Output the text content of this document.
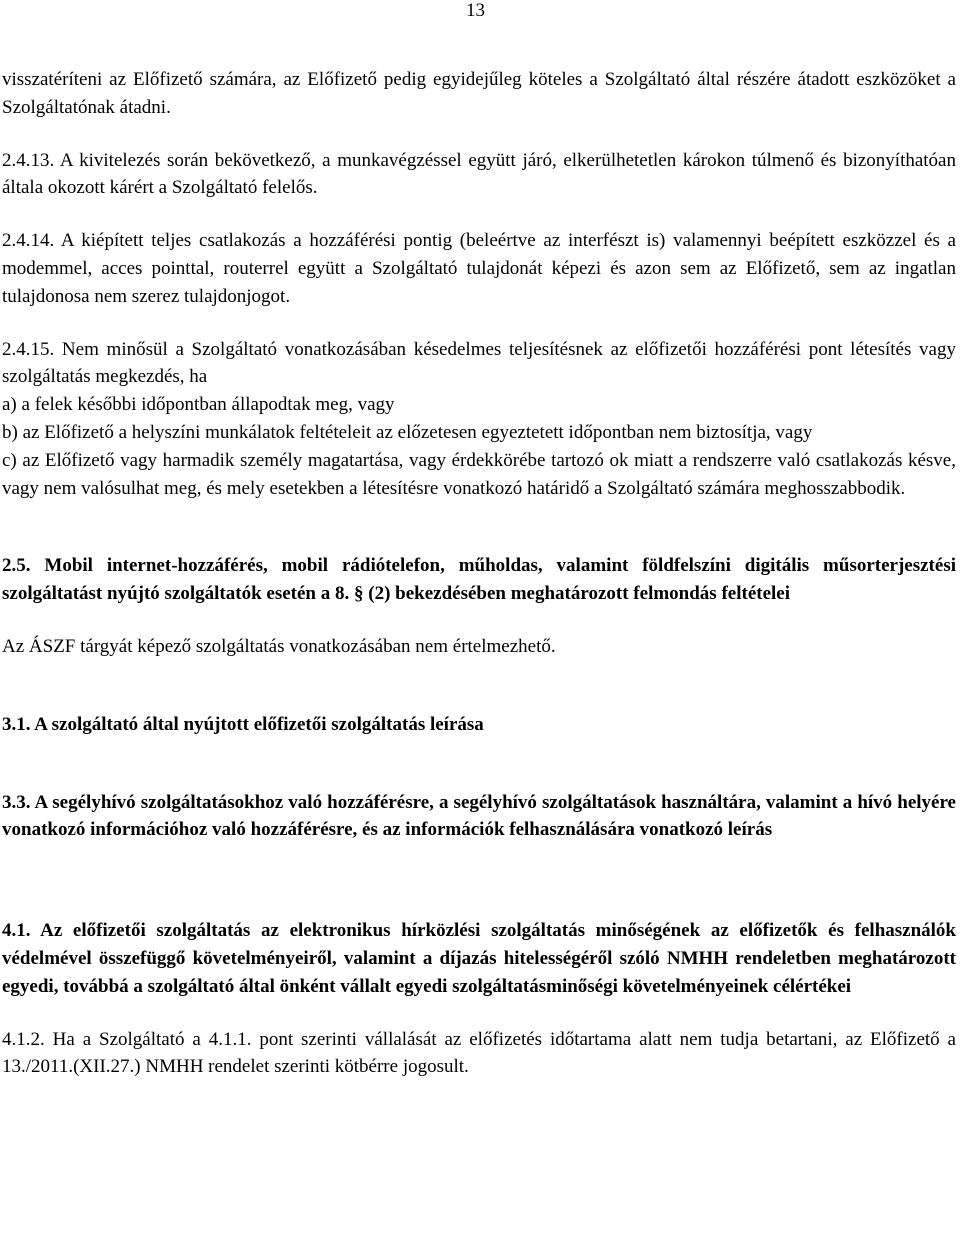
13

visszatéríteni az Előfizető számára, az Előfizető pedig egyidejűleg köteles a Szolgáltató által részére átadott eszközöket a Szolgáltatónak átadni.

2.4.13. A kivitelezés során bekövetkező, a munkavégzéssel együtt járó, elkerülhetetlen károkon túlmenő és bizonyíthatóan általa okozott kárért a Szolgáltató felelős.

2.4.14. A kiépített teljes csatlakozás a hozzáférési pontig (beleértve az interfészt is) valamennyi beépített eszközzel és a modemmel, acces pointtal, routerrel együtt a Szolgáltató tulajdonát képezi és azon sem az Előfizető, sem az ingatlan tulajdonosa nem szerez tulajdonjogot.

2.4.15. Nem minősül a Szolgáltató vonatkozásában késedelmes teljesítésnek az előfizetői hozzáférési pont létesítés vagy szolgáltatás megkezdés, ha

a) a felek későbbi időpontban állapodtak meg, vagy

b) az Előfizető a helyszíni munkálatok feltételeit az előzetesen egyeztetett időpontban nem biztosítja, vagy

c) az Előfizető vagy harmadik személy magatartása, vagy érdekkörébe tartozó ok miatt a rendszerre való csatlakozás késve, vagy nem valósulhat meg, és mely esetekben a létesítésre vonatkozó határidő a Szolgáltató számára meghosszabbodik.

2.5. Mobil internet-hozzáférés, mobil rádiótelefon, műholdas, valamint földfelszíni digitális műsorterjesztési szolgáltatást nyújtó szolgáltatók esetén a 8. § (2) bekezdésében meghatározott felmondás feltételei

Az ÁSZF tárgyát képező szolgáltatás vonatkozásában nem értelmezhető.

3.1. A szolgáltató által nyújtott előfizetői szolgáltatás leírása

3.3. A segélyhívó szolgáltatásokhoz való hozzáférésre, a segélyhívó szolgáltatások használtára, valamint a hívó helyére vonatkozó információhoz való hozzáférésre, és az információk felhasználására vonatkozó leírás

4.1. Az előfizetői szolgáltatás az elektronikus hírközlési szolgáltatás minőségének az előfizetők és felhasználók védelmével összefüggő követelményeiről, valamint a díjazás hitelességéről szóló NMHH rendeletben meghatározott egyedi, továbbá a szolgáltató által önként vállalt egyedi szolgáltatásminőségi követelményeinek célértékei

4.1.2. Ha a Szolgáltató a 4.1.1. pont szerinti vállalását az előfizetés időtartama alatt nem tudja betartani, az Előfizető a 13./2011.(XII.27.) NMHH rendelet szerinti kötbérre jogosult.
